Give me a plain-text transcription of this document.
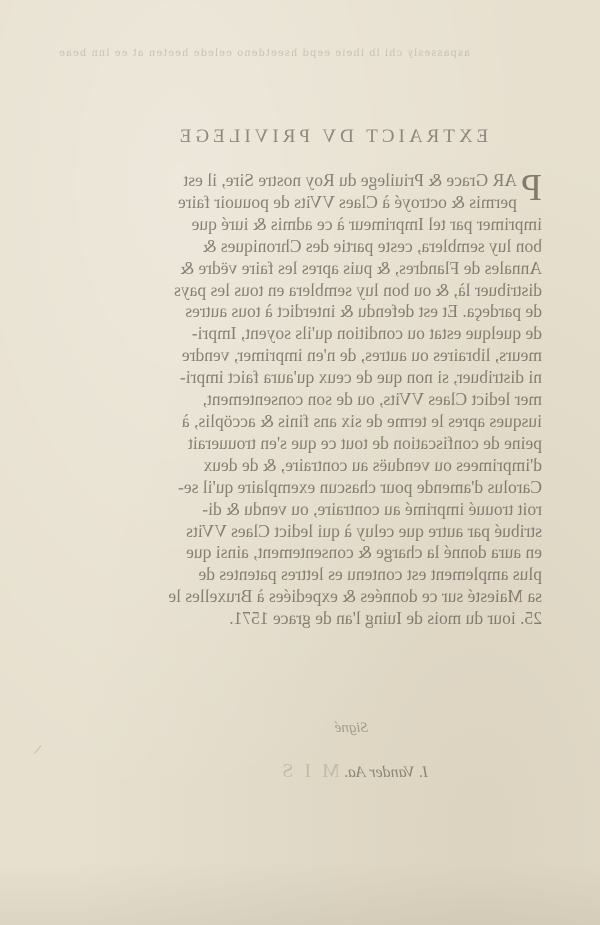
aspassesly chi lb iheie eepd hseetdeno eelede heeten at ee lnn beae
EXTRAICT DV PRIVILEGE
P
AR Grace & Priuilege du Roy nostre Sire, il est
permis & octroyé à Claes VVits de pouuoir faire
imprimer par tel Imprimeur à ce admis & iuré que
bon luy semblera, ceste partie des Chroniques &
Annales de Flandres, & puis apres les faire vëdre &
distribuer là, & ou bon luy semblera en tous les pays
de pardeça. Et est defendu & interdict à tous autres
de quelque estat ou condition qu'ils soyent, Impri-
meurs, libraires ou autres, de n'en imprimer, vendre
ni distribuer, si non que de ceux qu'aura faict impri-
mer ledict Claes VVits, ou de son consentement,
iusques apres le terme de six ans finis & accöplis, à
peine de confiscation de tout ce que s'en trouuerait
d'imprimees ou venduës au contraire, & de deux
Carolus d'amende pour chascun exemplaire qu'il se-
roit trouué imprimé au contraire, ou vendu & di-
stribué par autre que celuy à qui ledict Claes VVits
en aura donné la charge & consentement, ainsi que
plus amplement est contenu es lettres patentes de
sa Maiesté sur ce données & expediées à Bruxelles le
25. iour du mois de Iuing l'an de grace 1571.
Signé
I. Vander Aa. M I S
